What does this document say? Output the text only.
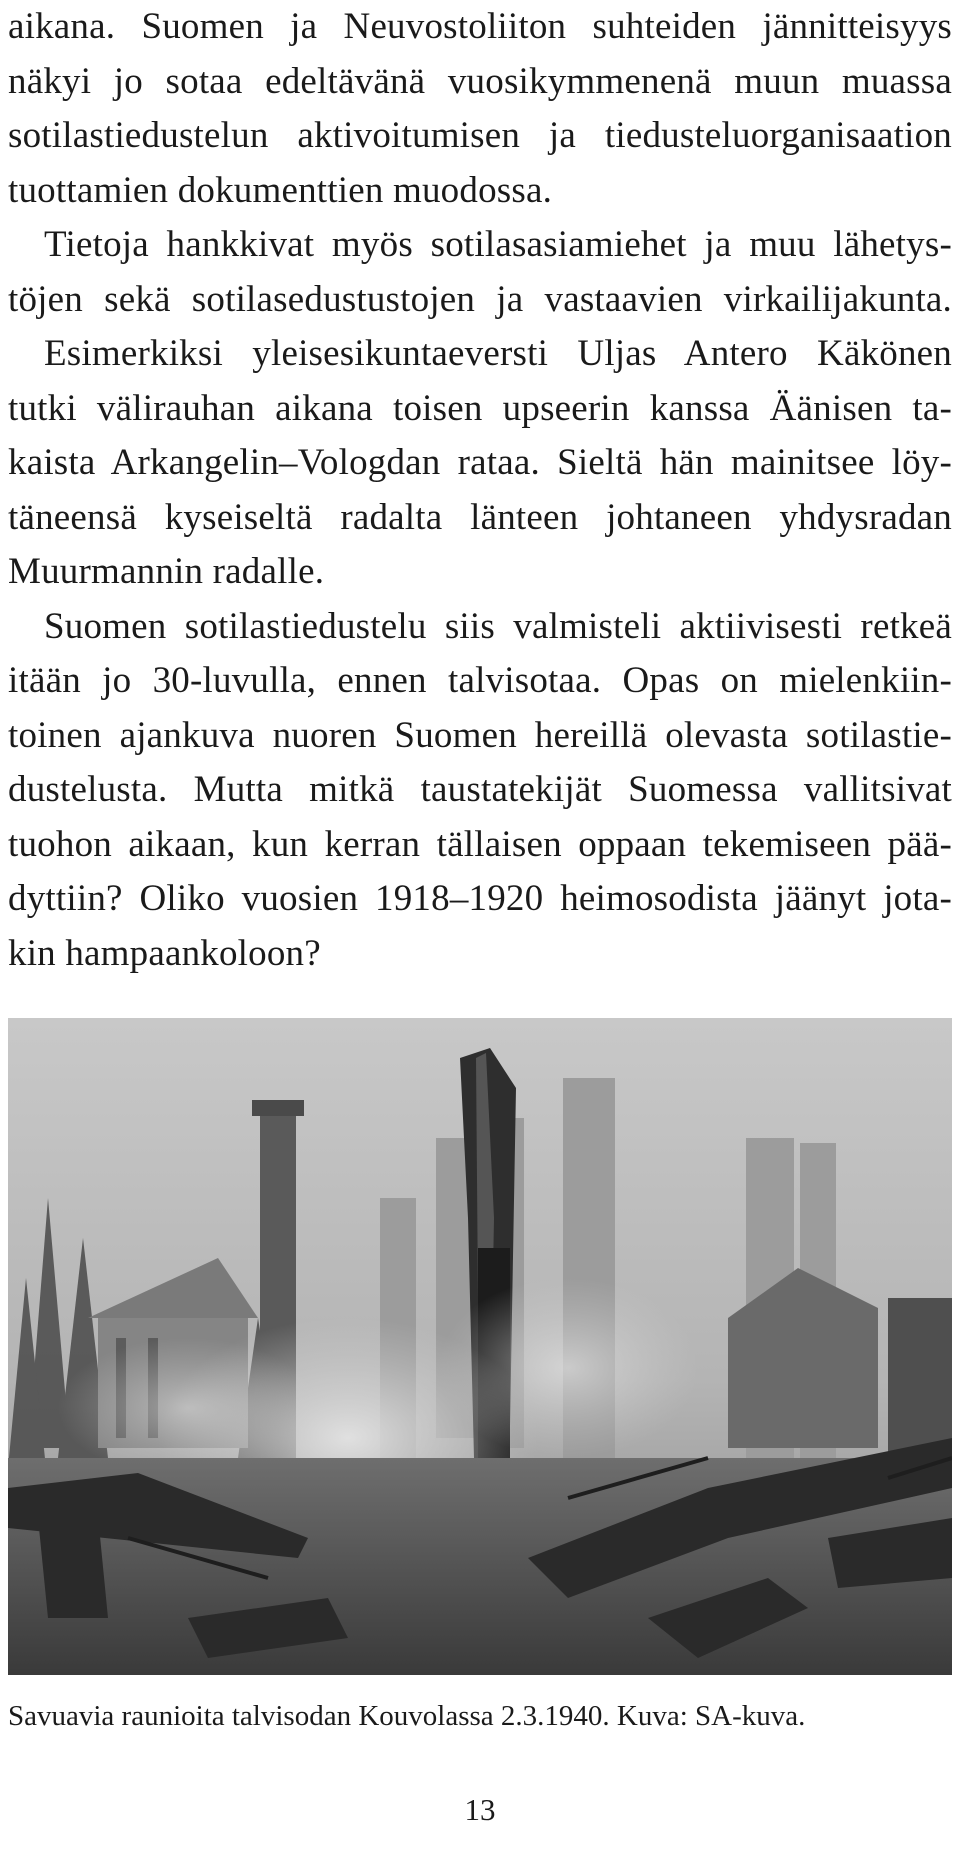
aikana. Suomen ja Neuvostoliiton suhteiden jännitteisyys
näkyi jo sotaa edeltävänä vuosikymmenenä muun muassa
sotilastiedustelun aktivoitumisen ja tiedusteluorganisaation
tuottamien dokumenttien muodossa.
Tietoja hankkivat myös sotilasasiamiehet ja muu lähetys-
töjen sekä sotilasedustustojen ja vastaavien virkailijakunta.
Esimerkiksi yleisesikuntaeversti Uljas Antero Käkönen
tutki välirauhan aikana toisen upseerin kanssa Äänisen ta-
kaista Arkangelin–Vologdan rataa. Sieltä hän mainitsee löy-
täneensä kyseiseltä radalta länteen johtaneen yhdysradan
Muurmannin radalle.
Suomen sotilastiedustelu siis valmisteli aktiivisesti retkeä
itään jo 30-luvulla, ennen talvisotaa. Opas on mielenkiin-
toinen ajankuva nuoren Suomen hereillä olevasta sotilastie-
dustelusta. Mutta mitkä taustatekijät Suomessa vallitsivat
tuohon aikaan, kun kerran tällaisen oppaan tekemiseen pää-
dyttiin? Oliko vuosien 1918–1920 heimosodista jäänyt jota-
kin hampaankoloon?
Savuavia raunioita talvisodan Kouvolassa 2.3.1940. Kuva: SA-kuva.
13
